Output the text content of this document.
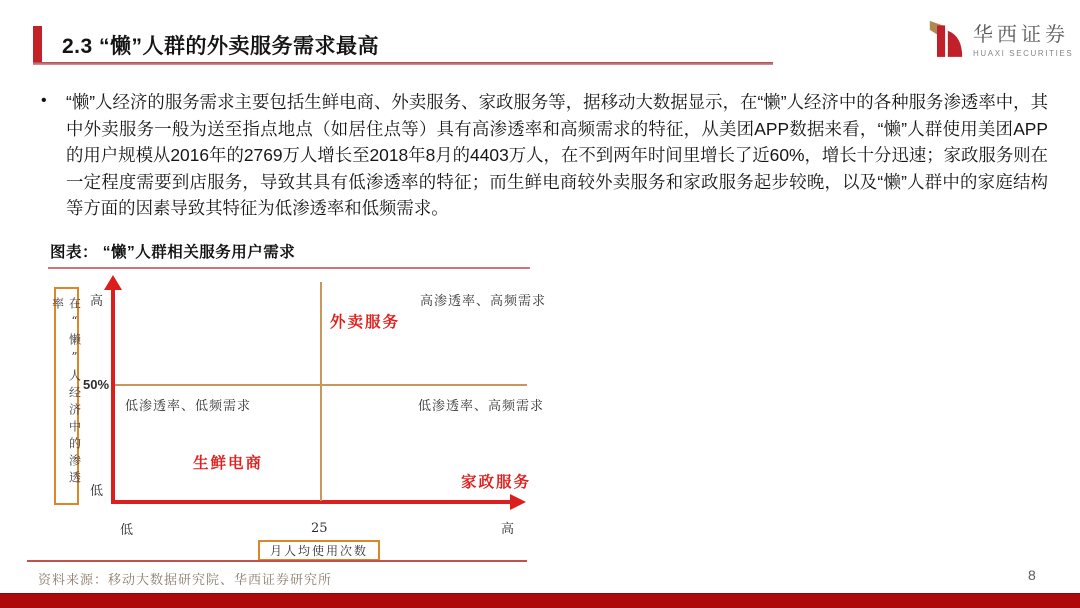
2.3 “懒”人群的外卖服务需求最高
华西证券
HUAXI SECURITIES
• “懒”人经济的服务需求主要包括生鲜电商、外卖服务、家政服务等，据移动大数据显示，在“懒”人经济中的各种服务渗透率中，其中外卖服务一般为送至指点地点（如居住点等）具有高渗透率和高频需求的特征，从美团APP数据来看，“懒”人群使用美团APP的用户规模从2016年的2769万人增长至2018年8月的4403万人，在不到两年时间里增长了近60%，增长十分迅速；家政服务则在一定程度需要到店服务，导致其具有低渗透率的特征；而生鲜电商较外卖服务和家政服务起步较晚，以及“懒”人群中的家庭结构等方面的因素导致其特征为低渗透率和低频需求。
图表： “懒”人群相关服务用户需求
在“懒”人经济中的渗透率	高
50%
低
高渗透率、高频需求
低渗透率、低频需求	低渗透率、高频需求
外卖服务
生鲜电商
家政服务
低	25	高
月人均使用次数
资料来源：移动大数据研究院、华西证券研究所	8
